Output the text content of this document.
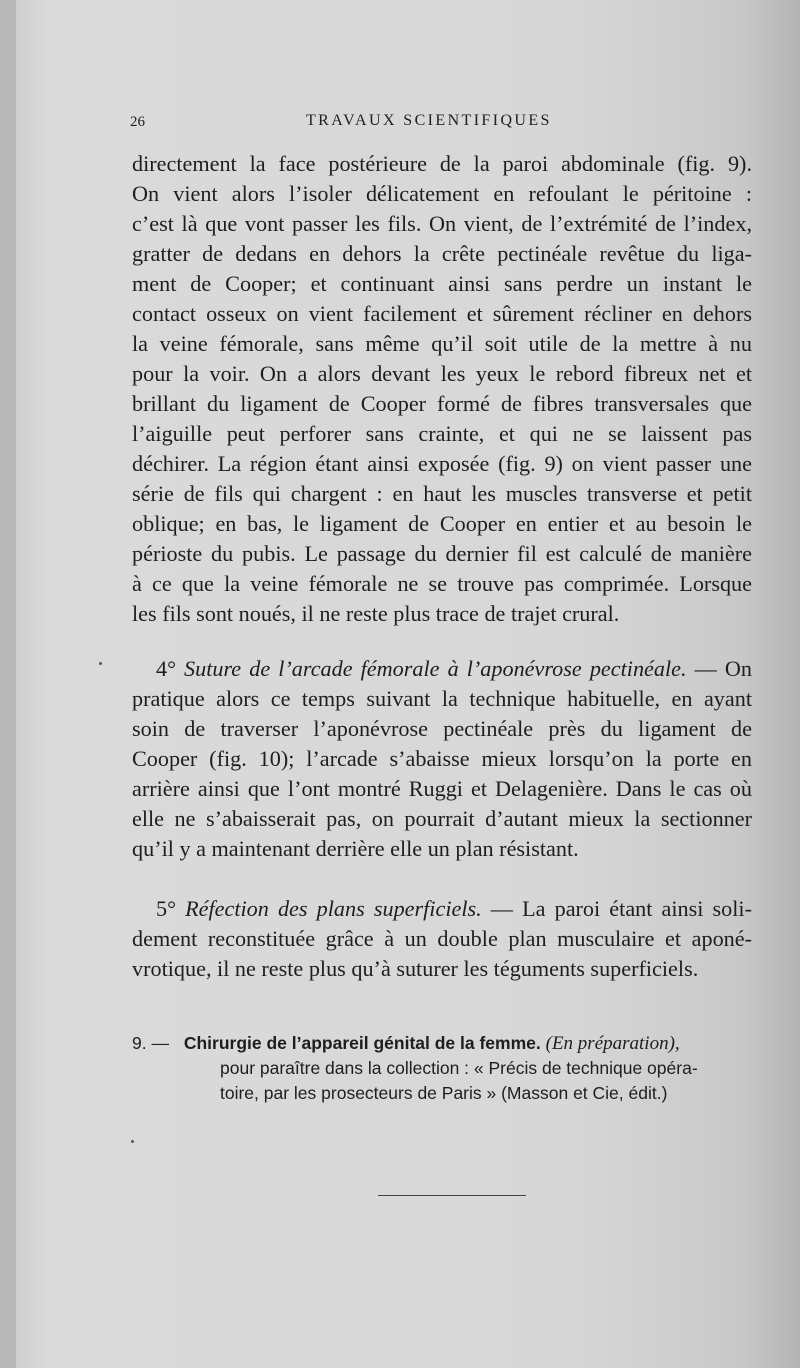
26	TRAVAUX SCIENTIFIQUES
directement la face postérieure de la paroi abdominale (fig. 9).
On vient alors l’isoler délicatement en refoulant le péritoine :
c’est là que vont passer les fils. On vient, de l’extrémité de l’index,
gratter de dedans en dehors la crête pectinéale revêtue du liga-
ment de Cooper; et continuant ainsi sans perdre un instant le
contact osseux on vient facilement et sûrement récliner en dehors
la veine fémorale, sans même qu’il soit utile de la mettre à nu
pour la voir. On a alors devant les yeux le rebord fibreux net et
brillant du ligament de Cooper formé de fibres transversales que
l’aiguille peut perforer sans crainte, et qui ne se laissent pas
déchirer. La région étant ainsi exposée (fig. 9) on vient passer une
série de fils qui chargent : en haut les muscles transverse et petit
oblique; en bas, le ligament de Cooper en entier et au besoin le
périoste du pubis. Le passage du dernier fil est calculé de manière
à ce que la veine fémorale ne se trouve pas comprimée. Lorsque
les fils sont noués, il ne reste plus trace de trajet crural.
4° Suture de l’arcade fémorale à l’aponévrose pectinéale. — On
pratique alors ce temps suivant la technique habituelle, en ayant
soin de traverser l’aponévrose pectinéale près du ligament de
Cooper (fig. 10); l’arcade s’abaisse mieux lorsqu’on la porte en
arrière ainsi que l’ont montré Ruggi et Delagenière. Dans le cas où
elle ne s’abaisserait pas, on pourrait d’autant mieux la sectionner
qu’il y a maintenant derrière elle un plan résistant.
5° Réfection des plans superficiels. — La paroi étant ainsi soli-
dement reconstituée grâce à un double plan musculaire et aponé-
vrotique, il ne reste plus qu’à suturer les téguments superficiels.
9. — Chirurgie de l’appareil génital de la femme. (En préparation),
pour paraître dans la collection : « Précis de technique opéra-
toire, par les prosecteurs de Paris » (Masson et Cie, édit.)
